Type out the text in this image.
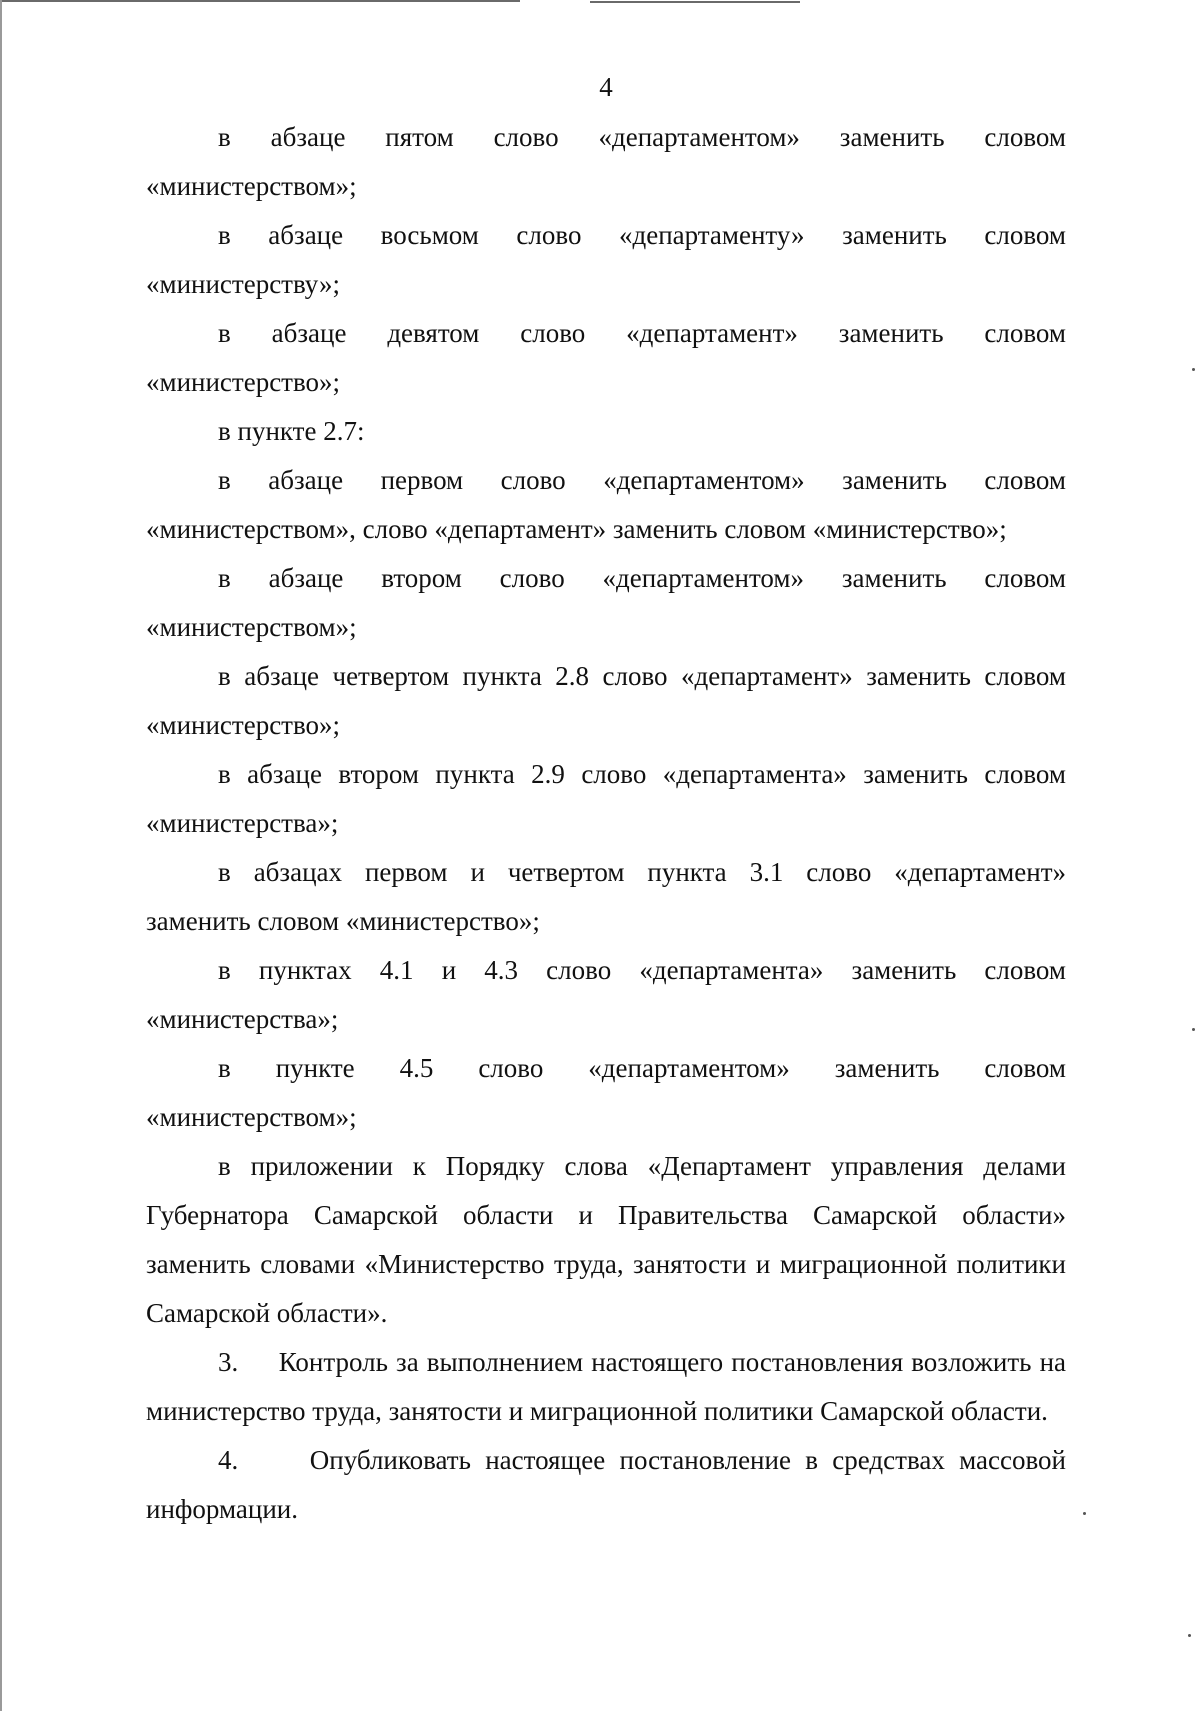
4

в абзаце пятом слово «департаментом» заменить словом
«министерством»;

в абзаце восьмом слово «департаменту» заменить словом
«министерству»;

в абзаце девятом слово «департамент» заменить словом
«министерство»;

в пункте 2.7:

в абзаце первом слово «департаментом» заменить словом
«министерством», слово «департамент» заменить словом «министерство»;

в абзаце втором слово «департаментом» заменить словом
«министерством»;

в абзаце четвертом пункта 2.8 слово «департамент» заменить словом
«министерство»;

в абзаце втором пункта 2.9 слово «департамента» заменить словом
«министерства»;

в абзацах первом и четвертом пункта 3.1 слово «департамент»
заменить словом «министерство»;

в пунктах 4.1 и 4.3 слово «департамента» заменить словом
«министерства»;

в пункте 4.5 слово «департаментом» заменить словом
«министерством»;

в приложении к Порядку слова «Департамент управления делами Губернатора Самарской области и Правительства Самарской области» заменить словами «Министерство труда, занятости и миграционной политики Самарской области».

3.     Контроль за выполнением настоящего постановления возложить на министерство труда, занятости и миграционной политики Самарской области.

4.     Опубликовать настоящее постановление в средствах массовой информации.
